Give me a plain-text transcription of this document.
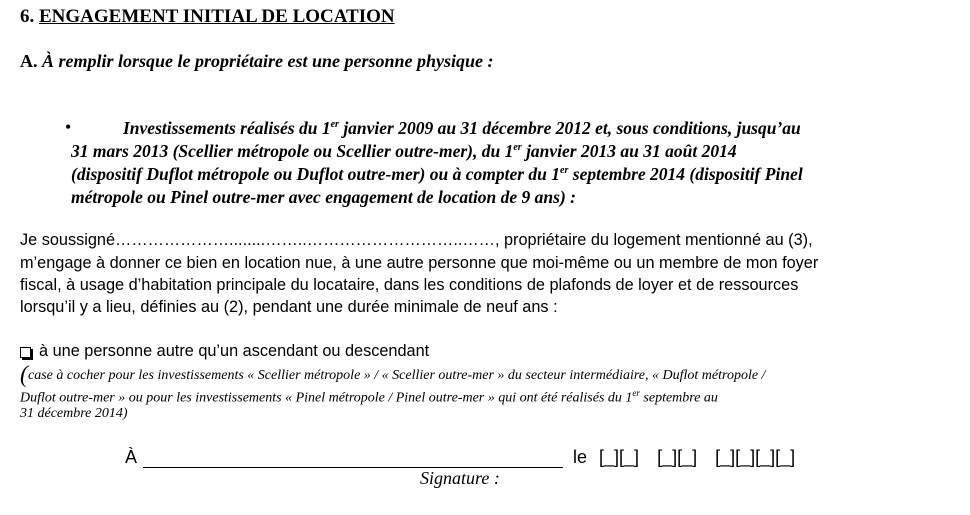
6. ENGAGEMENT INITIAL DE LOCATION
A. À remplir lorsque le propriétaire est une personne physique :
•	Investissements réalisés du 1er janvier 2009 au 31 décembre 2012 et, sous conditions, jusqu’au
31 mars 2013 (Scellier métropole ou Scellier outre-mer), du 1er janvier 2013 au 31 août 2014
(dispositif Duflot métropole ou Duflot outre-mer) ou à compter du 1er septembre 2014 (dispositif Pinel
métropole ou Pinel outre-mer avec engagement de location de 9 ans) :
Je soussigné…………………........……..………………………..……, propriétaire du logement mentionné au (3),
m’engage à donner ce bien en location nue, à une autre personne que moi-même ou un membre de mon foyer
fiscal, à usage d’habitation principale du locataire, dans les conditions de plafonds de loyer et de ressources
lorsqu’il y a lieu, définies au (2), pendant une durée minimale de neuf ans :
à une personne autre qu’un ascendant ou descendant
(case à cocher pour les investissements « Scellier métropole » / « Scellier outre-mer » du secteur intermédiaire, « Duflot métropole /
Duflot outre-mer » ou pour les investissements « Pinel métropole / Pinel outre-mer » qui ont été réalisés du 1er septembre au
31 décembre 2014)
À	le [_][_] [_][_] [_][_][_][_]
Signature :
